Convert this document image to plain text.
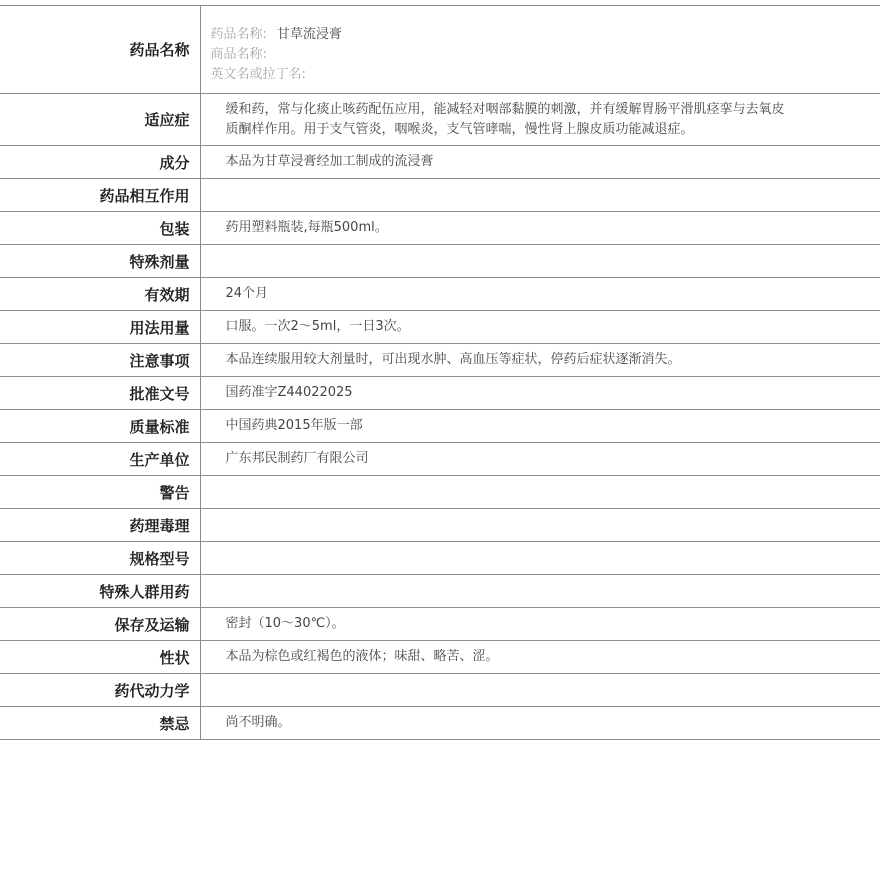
药品名称	药品名称: 甘草流浸膏
商品名称:
英文名或拉丁名:

适应症	缓和药，常与化痰止咳药配伍应用，能减轻对咽部黏膜的刺激，并有缓解胃肠平滑肌痉挛与去氧皮质酮样作用。用于支气管炎，咽喉炎，支气管哮喘，慢性肾上腺皮质功能减退症。

成分	本品为甘草浸膏经加工制成的流浸膏
药品相互作用	
包装	药用塑料瓶装,每瓶500ml。
特殊剂量	
有效期	24个月
用法用量	口服。一次2～5ml，一日3次。
注意事项	本品连续服用较大剂量时，可出现水肿、高血压等症状，停药后症状逐渐消失。
批准文号	国药准字Z44022025
质量标准	中国药典2015年版一部
生产单位	广东邦民制药厂有限公司
警告	
药理毒理	
规格型号	
特殊人群用药	
保存及运输	密封（10～30℃）。
性状	本品为棕色或红褐色的液体；味甜、略苦、涩。
药代动力学	
禁忌	尚不明确。
